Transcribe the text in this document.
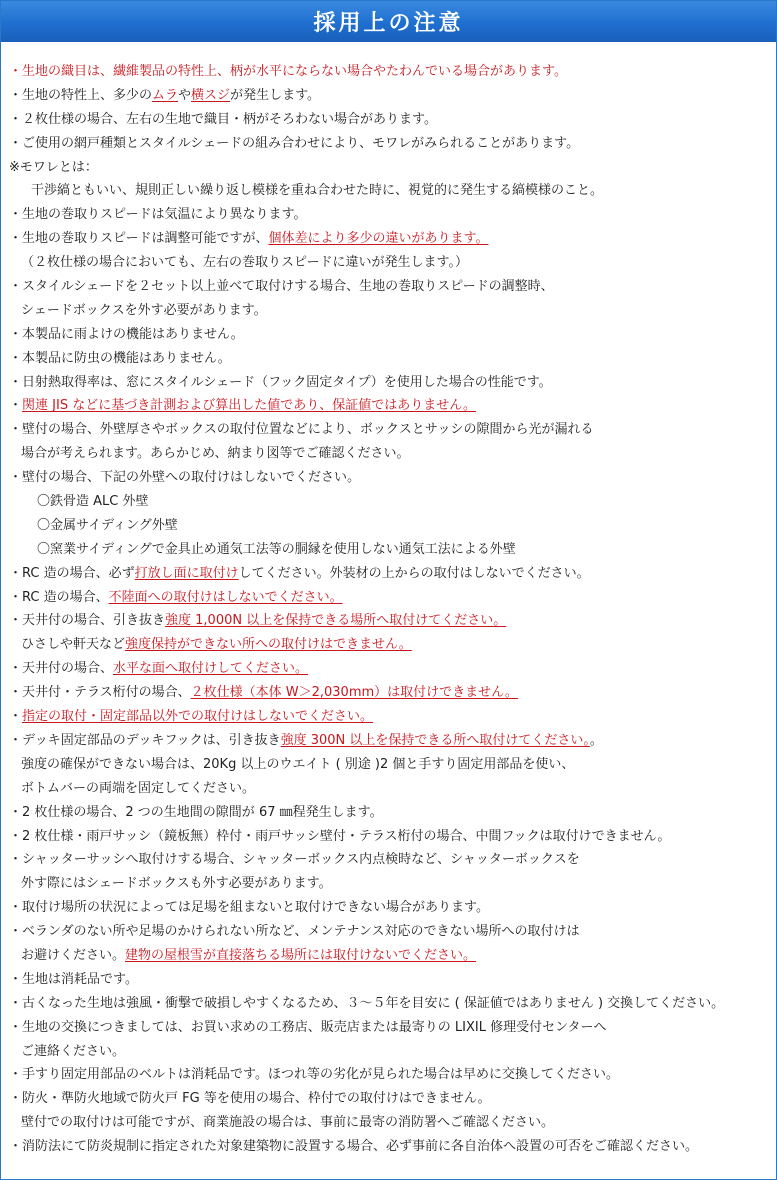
採用上の注意
・生地の織目は、繊維製品の特性上、柄が水平にならない場合やたわんでいる場合があります。
・生地の特性上、多少のムラや横スジが発生します。
・２枚仕様の場合、左右の生地で織目・柄がそろわない場合があります。
・ご使用の網戸種類とスタイルシェードの組み合わせにより、モワレがみられることがあります。
※モワレとは：
干渉縞ともいい、規則正しい繰り返し模様を重ね合わせた時に、視覚的に発生する縞模様のこと。
・生地の巻取りスピードは気温により異なります。
・生地の巻取りスピードは調整可能ですが、個体差により多少の違いがあります。
（２枚仕様の場合においても、左右の巻取りスピードに違いが発生します。）
・スタイルシェードを２セット以上並べて取付けする場合、生地の巻取りスピードの調整時、
シェードボックスを外す必要があります。
・本製品に雨よけの機能はありません。
・本製品に防虫の機能はありません。
・日射熱取得率は、窓にスタイルシェード（フック固定タイプ）を使用した場合の性能です。
・関連 JIS などに基づき計測および算出した値であり、保証値ではありません。
・壁付の場合、外壁厚さやボックスの取付位置などにより、ボックスとサッシの隙間から光が漏れる
場合が考えられます。あらかじめ、納まり図等でご確認ください。
・壁付の場合、下記の外壁への取付けはしないでください。
〇鉄骨造 ALC 外壁
〇金属サイディング外壁
〇窯業サイディングで金具止め通気工法等の胴縁を使用しない通気工法による外壁
・RC 造の場合、必ず打放し面に取付けしてください。外装材の上からの取付はしないでください。
・RC 造の場合、不陸面への取付けはしないでください。
・天井付の場合、引き抜き強度 1,000N 以上を保持できる場所へ取付けてください。
ひさしや軒天など強度保持ができない所への取付けはできません。
・天井付の場合、水平な面へ取付けしてください。
・天井付・テラス桁付の場合、２枚仕様（本体 W＞2,030mm）は取付けできません。
・指定の取付・固定部品以外での取付けはしないでください。
・デッキ固定部品のデッキフックは、引き抜き強度 300N 以上を保持できる所へ取付けてください。。
強度の確保ができない場合は、20Kg 以上のウエイト ( 別途 )2 個と手すり固定用部品を使い、
ボトムバーの両端を固定してください。
・2 枚仕様の場合、2 つの生地間の隙間が 67 ㎜程発生します。
・2 枚仕様・雨戸サッシ（鏡板無）枠付・雨戸サッシ壁付・テラス桁付の場合、中間フックは取付けできません。
・シャッターサッシへ取付けする場合、シャッターボックス内点検時など、シャッターボックスを
外す際にはシェードボックスも外す必要があります。
・取付け場所の状況によっては足場を組まないと取付けできない場合があります。
・ベランダのない所や足場のかけられない所など、メンテナンス対応のできない場所への取付けは
お避けください。建物の屋根雪が直接落ちる場所には取付けないでください。
・生地は消耗品です。
・古くなった生地は強風・衝撃で破損しやすくなるため、３～５年を目安に ( 保証値ではありません ) 交換してください。
・生地の交換につきましては、お買い求めの工務店、販売店または最寄りの LIXIL 修理受付センターへ
ご連絡ください。
・手すり固定用部品のベルトは消耗品です。ほつれ等の劣化が見られた場合は早めに交換してください。
・防火・準防火地域で防火戸 FG 等を使用の場合、枠付での取付けはできません。
壁付での取付けは可能ですが、商業施設の場合は、事前に最寄の消防署へご確認ください。
・消防法にて防炎規制に指定された対象建築物に設置する場合、必ず事前に各自治体へ設置の可否をご確認ください。
